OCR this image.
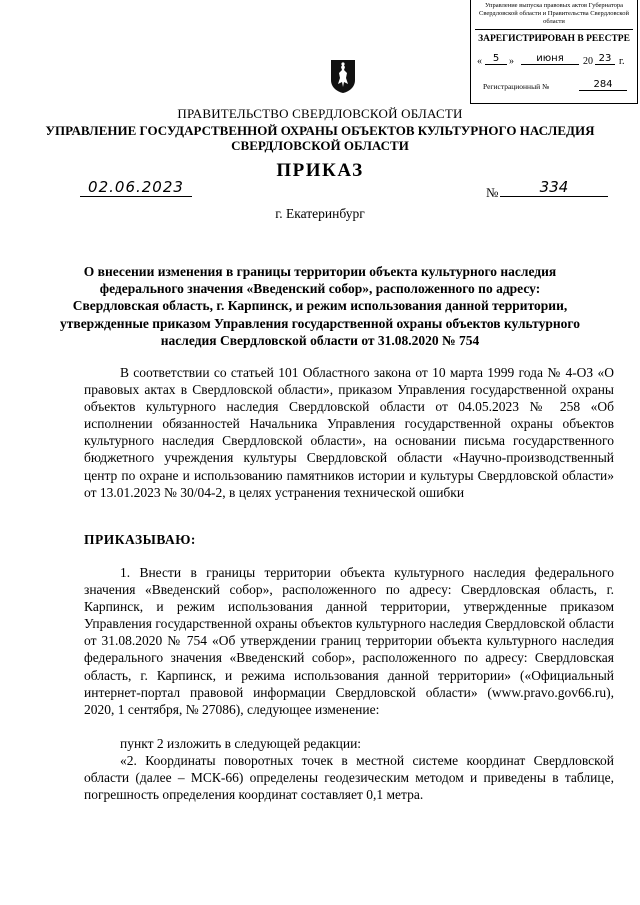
Управление выпуска правовых актов Губернатора Свердловской области и Правительства Свердловской области
ЗАРЕГИСТРИРОВАН В РЕЕСТРЕ
«	5 »	июня	20 23 г.
Регистрационный №	284
ПРАВИТЕЛЬСТВО СВЕРДЛОВСКОЙ ОБЛАСТИ
УПРАВЛЕНИЕ ГОСУДАРСТВЕННОЙ ОХРАНЫ ОБЪЕКТОВ КУЛЬТУРНОГО НАСЛЕДИЯ СВЕРДЛОВСКОЙ ОБЛАСТИ
ПРИКАЗ
02.06.2023	№	334
г. Екатеринбург
О внесении изменения в границы территории объекта культурного наследия федерального значения «Введенский собор», расположенного по адресу: Свердловская область, г. Карпинск, и режим использования данной территории, утвержденные приказом Управления государственной охраны объектов культурного наследия Свердловской области от 31.08.2020 № 754
В соответствии со статьей 101 Областного закона от 10 марта 1999 года № 4-ОЗ «О правовых актах в Свердловской области», приказом Управления государственной охраны объектов культурного наследия Свердловской области от 04.05.2023 № 258 «Об исполнении обязанностей Начальника Управления государственной охраны объектов культурного наследия Свердловской области», на основании письма государственного бюджетного учреждения культуры Свердловской области «Научно-производственный центр по охране и использованию памятников истории и культуры Свердловской области» от 13.01.2023 № 30/04-2, в целях устранения технической ошибки
ПРИКАЗЫВАЮ:
1. Внести в границы территории объекта культурного наследия федерального значения «Введенский собор», расположенного по адресу: Свердловская область, г. Карпинск, и режим использования данной территории, утвержденные приказом Управления государственной охраны объектов культурного наследия Свердловской области от 31.08.2020 № 754 «Об утверждении границ территории объекта культурного наследия федерального значения «Введенский собор», расположенного по адресу: Свердловская область, г. Карпинск, и режима использования данной территории» («Официальный интернет-портал правовой информации Свердловской области» (www.pravo.gov66.ru), 2020, 1 сентября, № 27086), следующее изменение:
пункт 2 изложить в следующей редакции:
«2. Координаты поворотных точек в местной системе координат Свердловской области (далее – МСК-66) определены геодезическим методом и приведены в таблице, погрешность определения координат составляет 0,1 метра.
